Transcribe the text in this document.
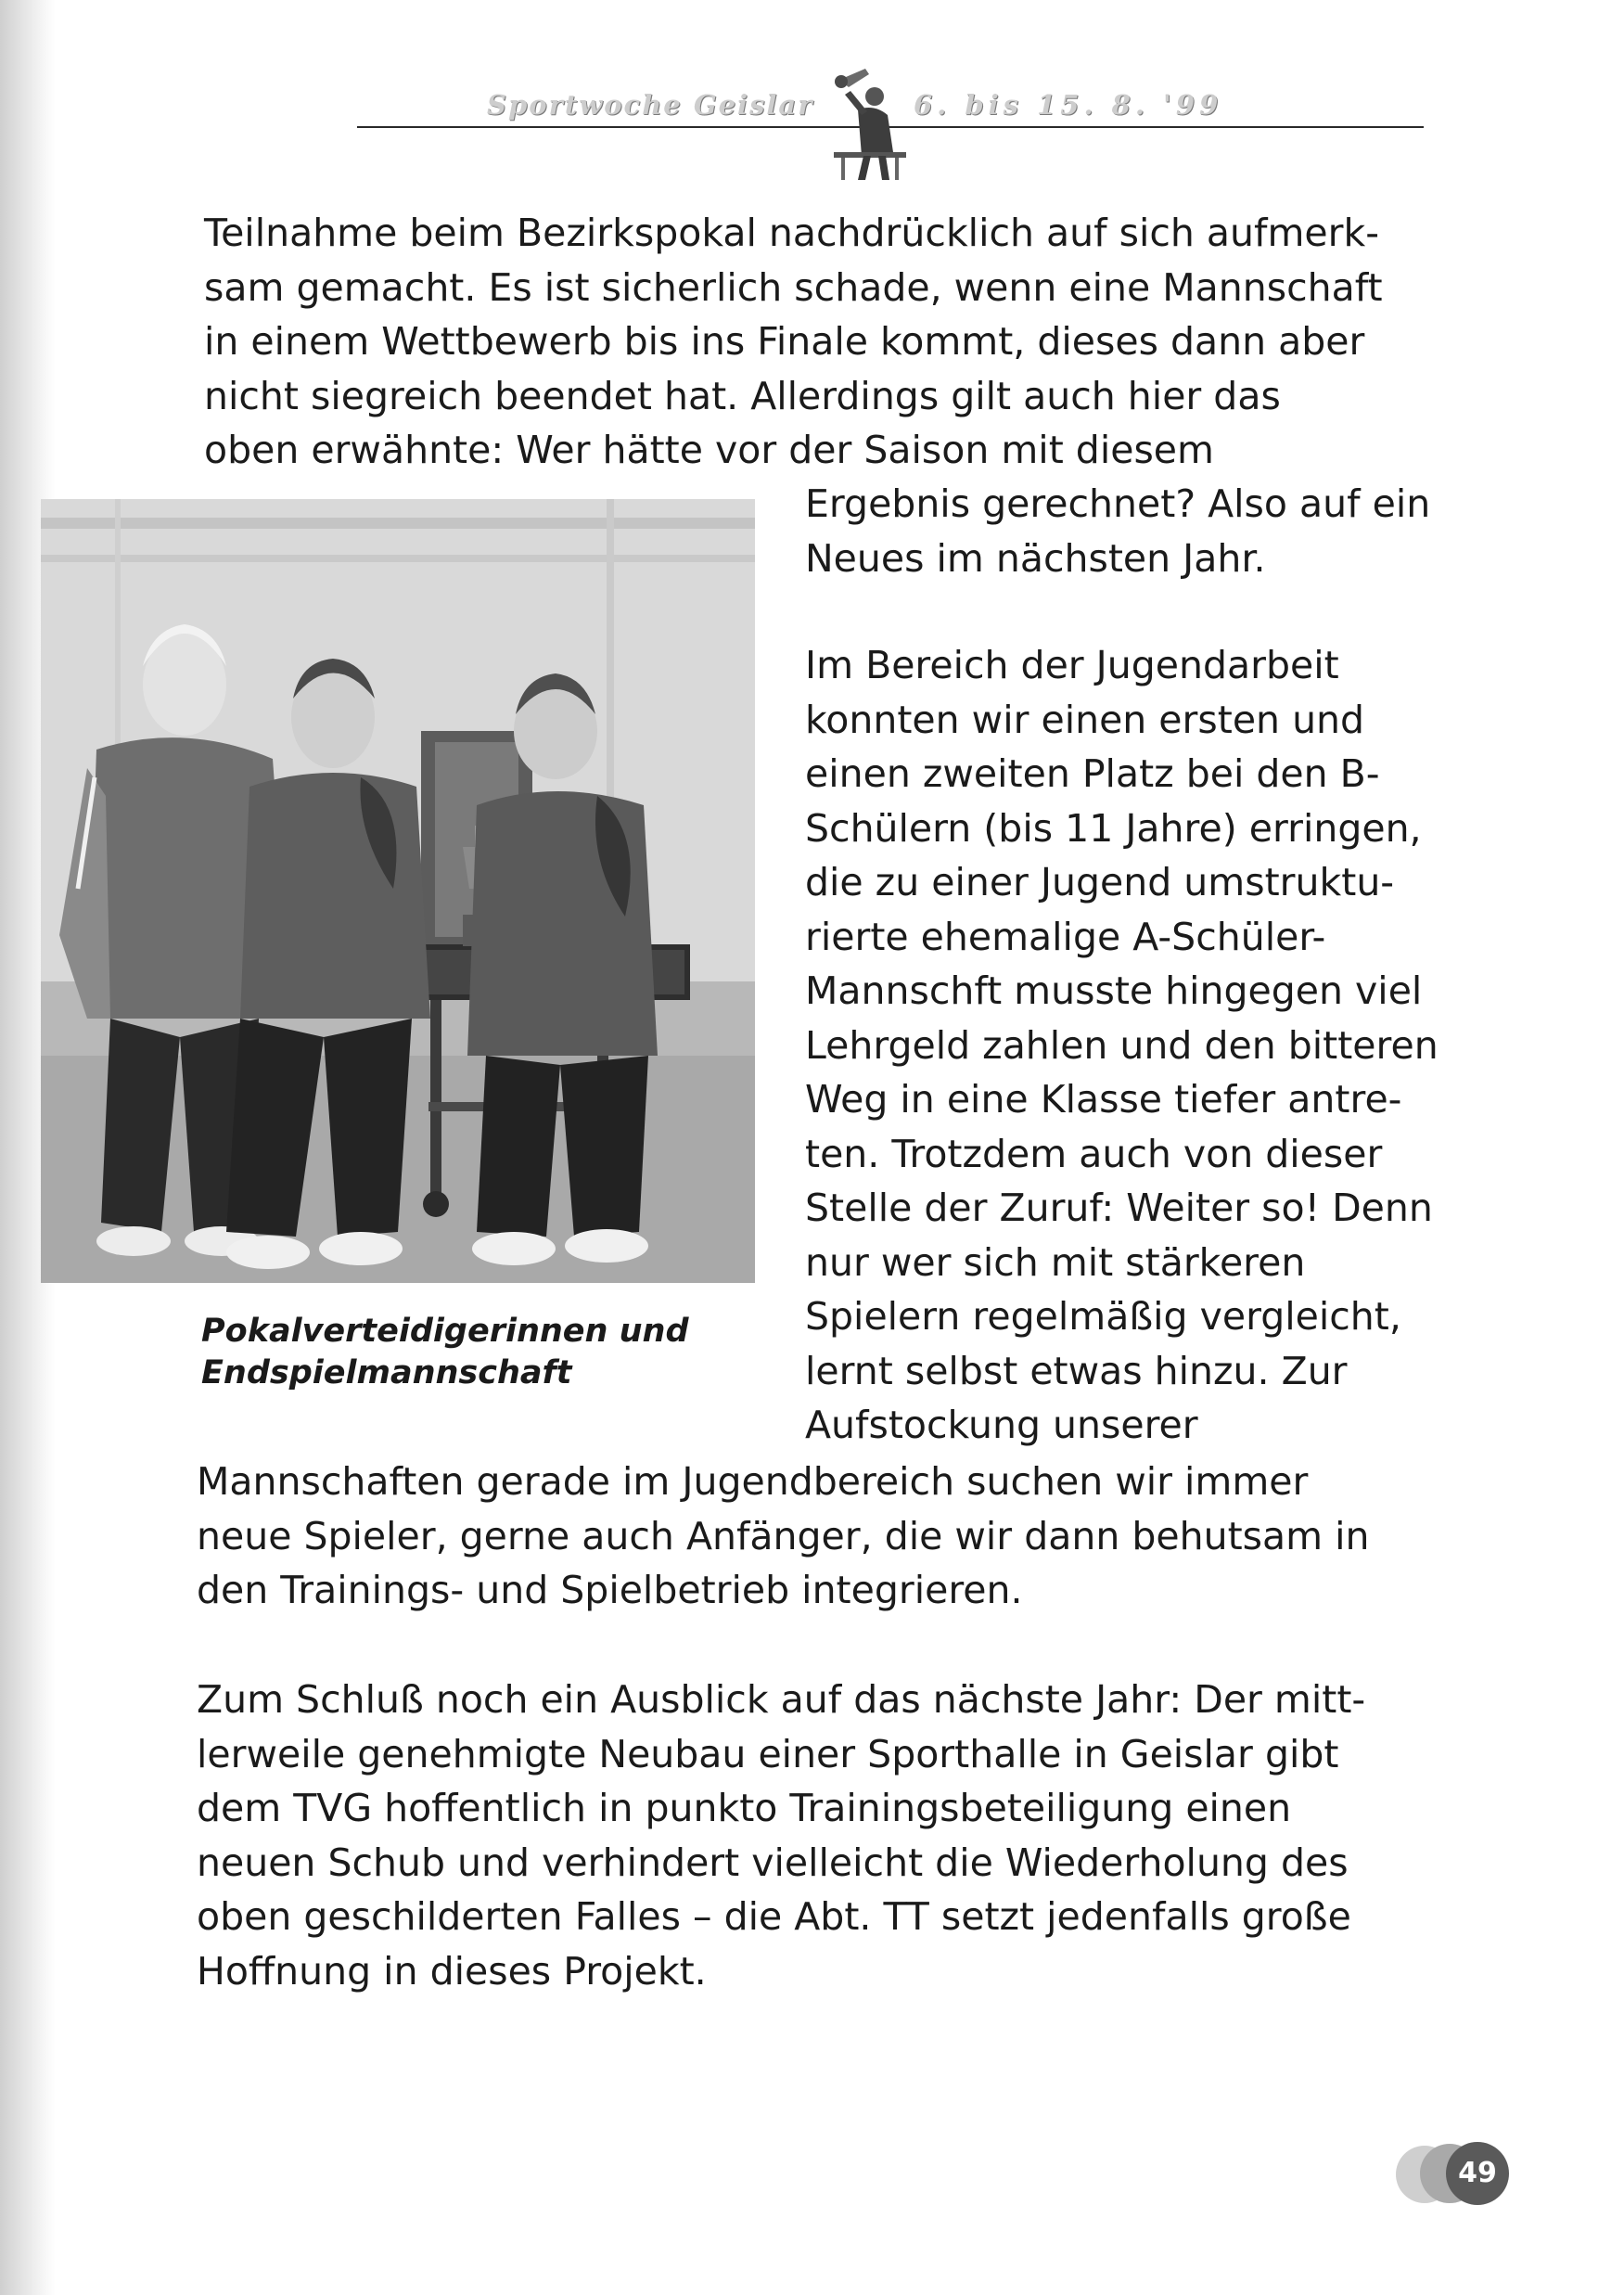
Sportwoche Geislar	6. bis 15. 8. '99

Teilnahme beim Bezirkspokal nachdrücklich auf sich aufmerk-
sam gemacht. Es ist sicherlich schade, wenn eine Mannschaft
in einem Wettbewerb bis ins Finale kommt, dieses dann aber
nicht siegreich beendet hat. Allerdings gilt auch hier das
oben erwähnte: Wer hätte vor der Saison mit diesem

Ergebnis gerechnet? Also auf ein
Neues im nächsten Jahr.

Im Bereich der Jugendarbeit
konnten wir einen ersten und
einen zweiten Platz bei den B-
Schülern (bis 11 Jahre) erringen,
die zu einer Jugend umstruktu-
rierte ehemalige A-Schüler-
Mannschft musste hingegen viel
Lehrgeld zahlen und den bitteren
Weg in eine Klasse tiefer antre-
ten. Trotzdem auch von dieser
Stelle der Zuruf: Weiter so! Denn
nur wer sich mit stärkeren
Spielern regelmäßig vergleicht,
lernt selbst etwas hinzu. Zur
Aufstockung unserer

Mannschaften gerade im Jugendbereich suchen wir immer
neue Spieler, gerne auch Anfänger, die wir dann behutsam in
den Trainings- und Spielbetrieb integrieren.

Zum Schluß noch ein Ausblick auf das nächste Jahr: Der mitt-
lerweile genehmigte Neubau einer Sporthalle in Geislar gibt
dem TVG hoffentlich in punkto Trainingsbeteiligung einen
neuen Schub und verhindert vielleicht die Wiederholung des
oben geschilderten Falles – die Abt. TT setzt jedenfalls große
Hoffnung in dieses Projekt.

Pokalverteidigerinnen und
Endspielmannschaft

49
